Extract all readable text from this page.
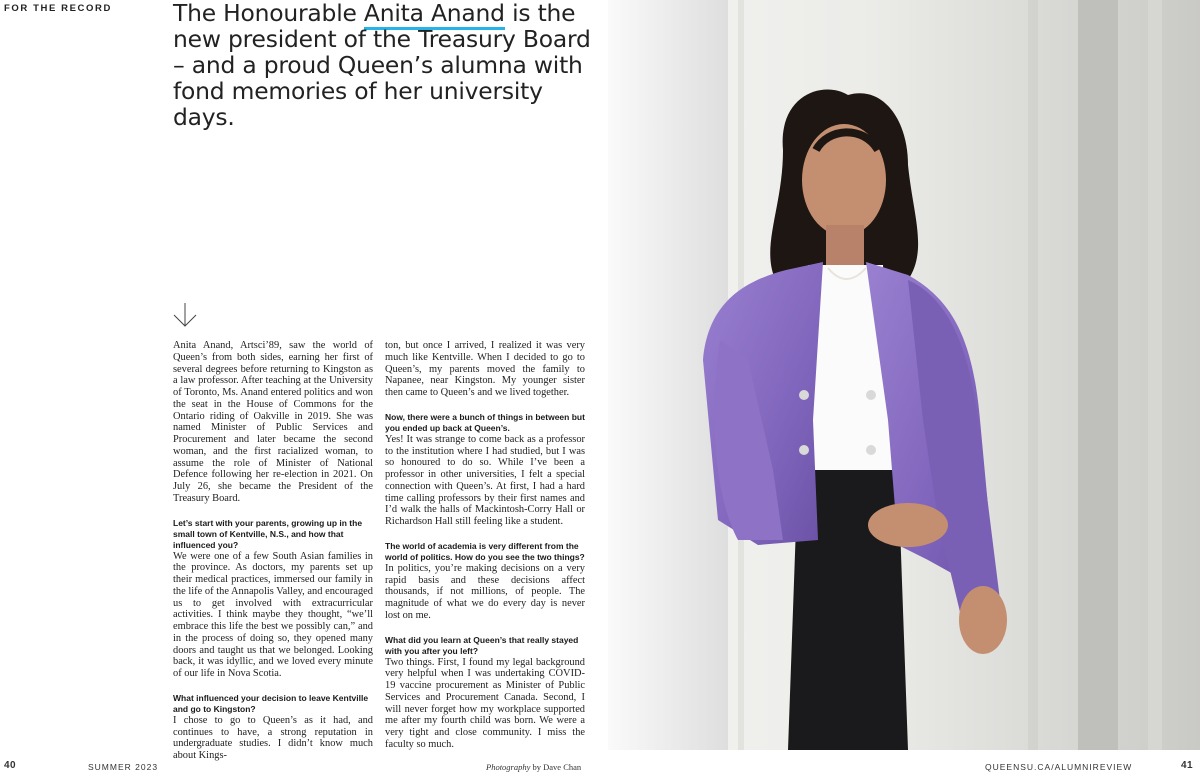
FOR THE RECORD	The Honourable Anita Anand is the new president of the Treasury Board – and a proud Queen’s alumna with fond memories of her university days.

Anita Anand, Artsci’89, saw the world of Queen’s from both sides, earning her first of several degrees before returning to Kingston as a law professor. After teaching at the University of Toronto, Ms. Anand entered politics and won the seat in the House of Commons for the Ontario riding of Oakville in 2019. She was named Minister of Public Services and Procurement and later became the second woman, and the first racialized woman, to assume the role of Minister of National Defence following her re-election in 2021. On July 26, she became the President of the Treasury Board.

Let’s start with your parents, growing up in the small town of Kentville, N.S., and how that influenced you?

We were one of a few South Asian families in the province. As doctors, my parents set up their medical practices, immersed our family in the life of the Annapolis Valley, and encouraged us to get involved with extracurricular activities. I think maybe they thought, “we’ll embrace this life the best we possibly can,” and in the process of doing so, they opened many doors and taught us that we belonged. Looking back, it was idyllic, and we loved every minute of our life in Nova Scotia.

What influenced your decision to leave Kentville and go to Kingston?

I chose to go to Queen’s as it had, and continues to have, a strong reputation in undergraduate studies. I didn’t know much about Kings-

ton, but once I arrived, I realized it was very much like Kentville. When I decided to go to Queen’s, my parents moved the family to Napanee, near Kingston. My younger sister then came to Queen’s and we lived together.

Now, there were a bunch of things in between but you ended up back at Queen’s.

Yes! It was strange to come back as a professor to the institution where I had studied, but I was so honoured to do so. While I’ve been a professor in other universities, I felt a special connection with Queen’s. At first, I had a hard time calling professors by their first names and I’d walk the halls of Mackintosh-Corry Hall or Richardson Hall still feeling like a student.

The world of academia is very different from the world of politics. How do you see the two things?

In politics, you’re making decisions on a very rapid basis and these decisions affect thousands, if not millions, of people. The magnitude of what we do every day is never lost on me.

What did you learn at Queen’s that really stayed with you after you left?

Two things. First, I found my legal background very helpful when I was undertaking COVID-19 vaccine procurement as Minister of Public Services and Procurement Canada. Second, I will never forget how my workplace supported me after my fourth child was born. We were a very tight and close community. I miss the faculty so much.

40	SUMMER 2023	Photography by Dave Chan	QUEENSU.CA/ALUMNIREVIEW	41
